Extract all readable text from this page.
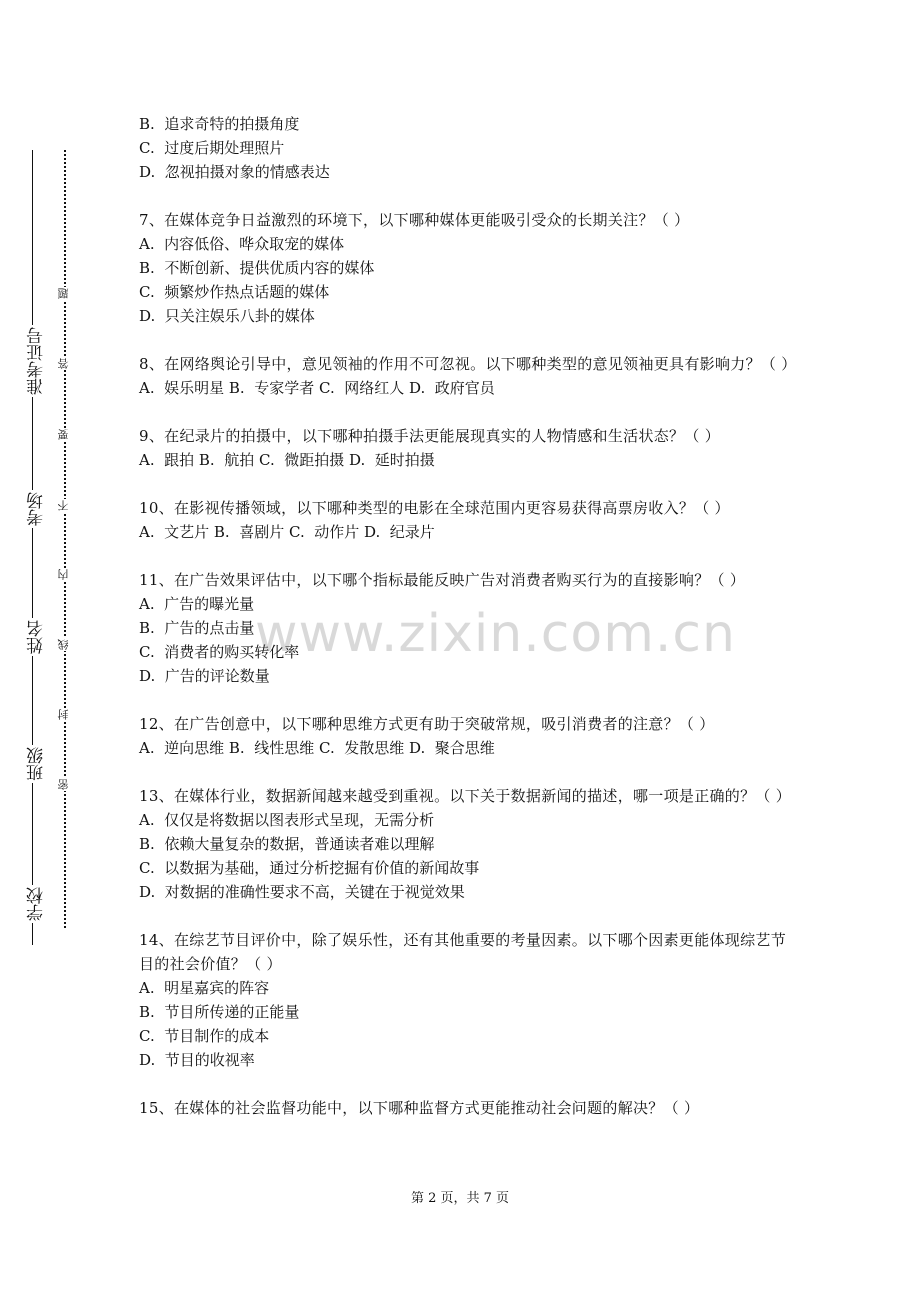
学校
班级
姓名
考场
准考证号
题
答
要
不
内
线
封
密
www.zixin.com.cn

B.  追求奇特的拍摄角度

C.  过度后期处理照片

D.  忽视拍摄对象的情感表达

7、在媒体竞争日益激烈的环境下，以下哪种媒体更能吸引受众的长期关注？（ ）

A.  内容低俗、哗众取宠的媒体

B.  不断创新、提供优质内容的媒体

C.  频繁炒作热点话题的媒体

D.  只关注娱乐八卦的媒体

8、在网络舆论引导中，意见领袖的作用不可忽视。以下哪种类型的意见领袖更具有影响力？（ ）

A.  娱乐明星 B.  专家学者 C.  网络红人 D.  政府官员

9、在纪录片的拍摄中，以下哪种拍摄手法更能展现真实的人物情感和生活状态？（ ）

A.  跟拍 B.  航拍 C.  微距拍摄 D.  延时拍摄

10、在影视传播领域，以下哪种类型的电影在全球范围内更容易获得高票房收入？（ ）

A.  文艺片 B.  喜剧片 C.  动作片 D.  纪录片

11、在广告效果评估中，以下哪个指标最能反映广告对消费者购买行为的直接影响？（ ）

A.  广告的曝光量

B.  广告的点击量

C.  消费者的购买转化率

D.  广告的评论数量

12、在广告创意中，以下哪种思维方式更有助于突破常规，吸引消费者的注意？（ ）

A.  逆向思维 B.  线性思维 C.  发散思维 D.  聚合思维

13、在媒体行业，数据新闻越来越受到重视。以下关于数据新闻的描述，哪一项是正确的？（ ）

A.  仅仅是将数据以图表形式呈现，无需分析

B.  依赖大量复杂的数据，普通读者难以理解

C.  以数据为基础，通过分析挖掘有价值的新闻故事

D.  对数据的准确性要求不高，关键在于视觉效果

14、在综艺节目评价中，除了娱乐性，还有其他重要的考量因素。以下哪个因素更能体现综艺节目的社会价值？（ ）

A.  明星嘉宾的阵容

B.  节目所传递的正能量

C.  节目制作的成本

D.  节目的收视率

15、在媒体的社会监督功能中，以下哪种监督方式更能推动社会问题的解决？（ ）

第 2 页，共 7 页
